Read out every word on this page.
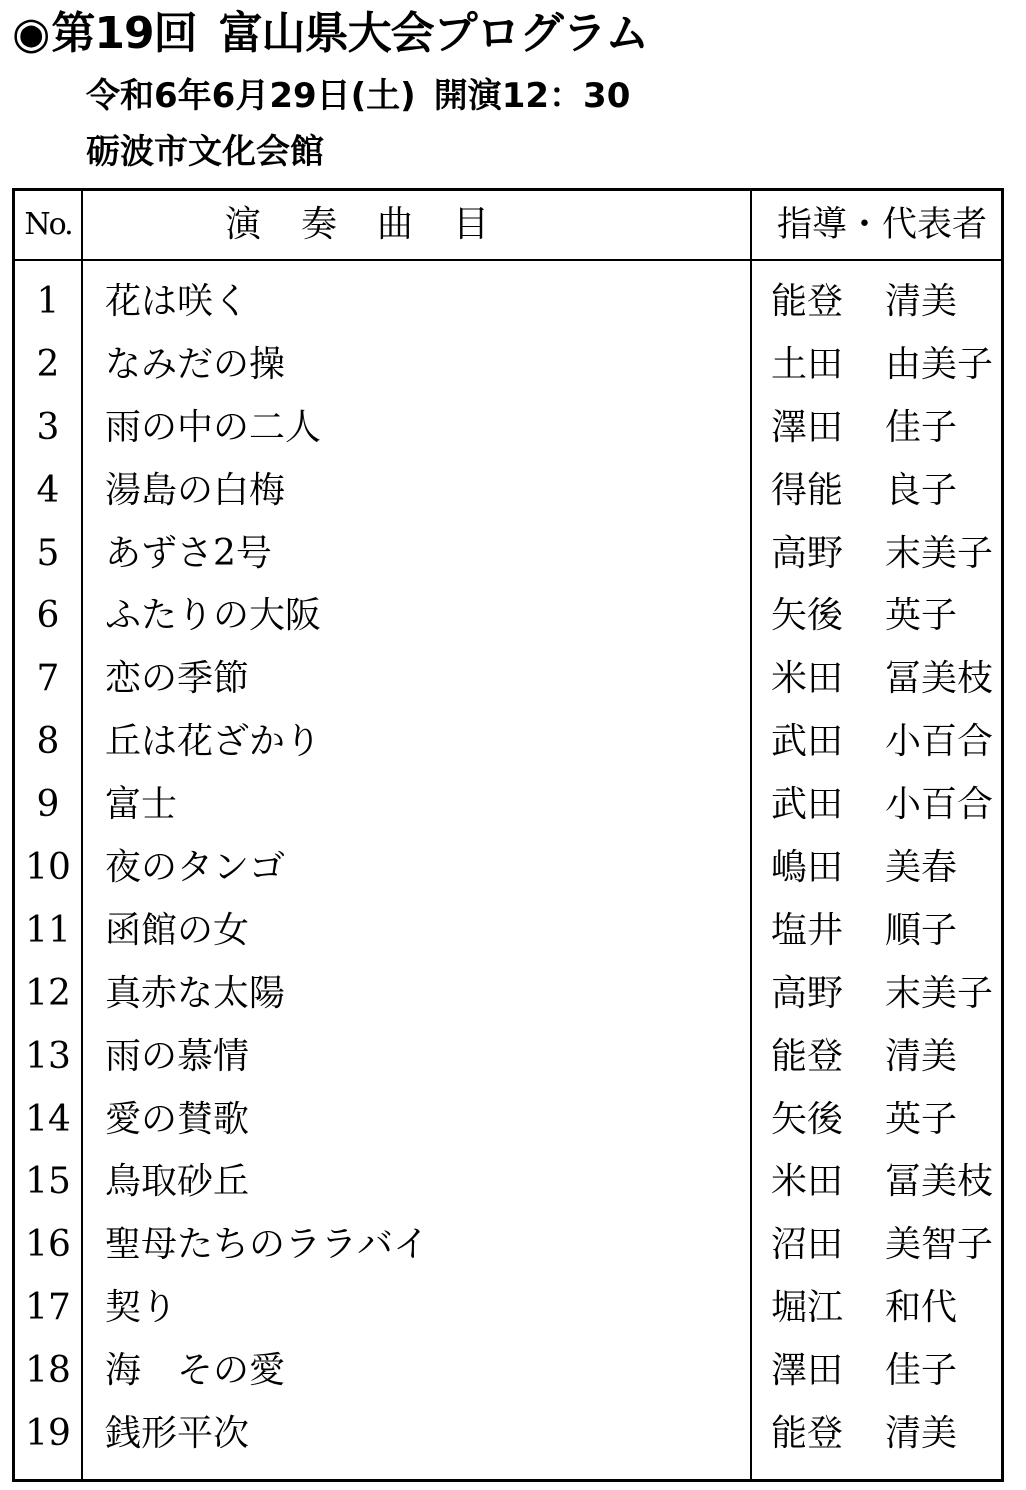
◉第19回 富山県大会プログラム
令和6年6月29日(土) 開演12：30
砺波市文化会館
No.	演奏曲目	指導・代表者
1	花は咲く	能登 清美
2	なみだの操	土田 由美子
3	雨の中の二人	澤田 佳子
4	湯島の白梅	得能 良子
5	あずさ2号	高野 末美子
6	ふたりの大阪	矢後 英子
7	恋の季節	米田 冨美枝
8	丘は花ざかり	武田 小百合
9	富士	武田 小百合
10 夜のタンゴ	嶋田 美春
11 函館の女	塩井 順子
12 真赤な太陽	高野 末美子
13 雨の慕情	能登 清美
14 愛の賛歌	矢後 英子
15 鳥取砂丘	米田 冨美枝
16 聖母たちのララバイ	沼田 美智子
17 契り	堀江 和代
18 海　その愛	澤田 佳子
19 銭形平次	能登 清美
